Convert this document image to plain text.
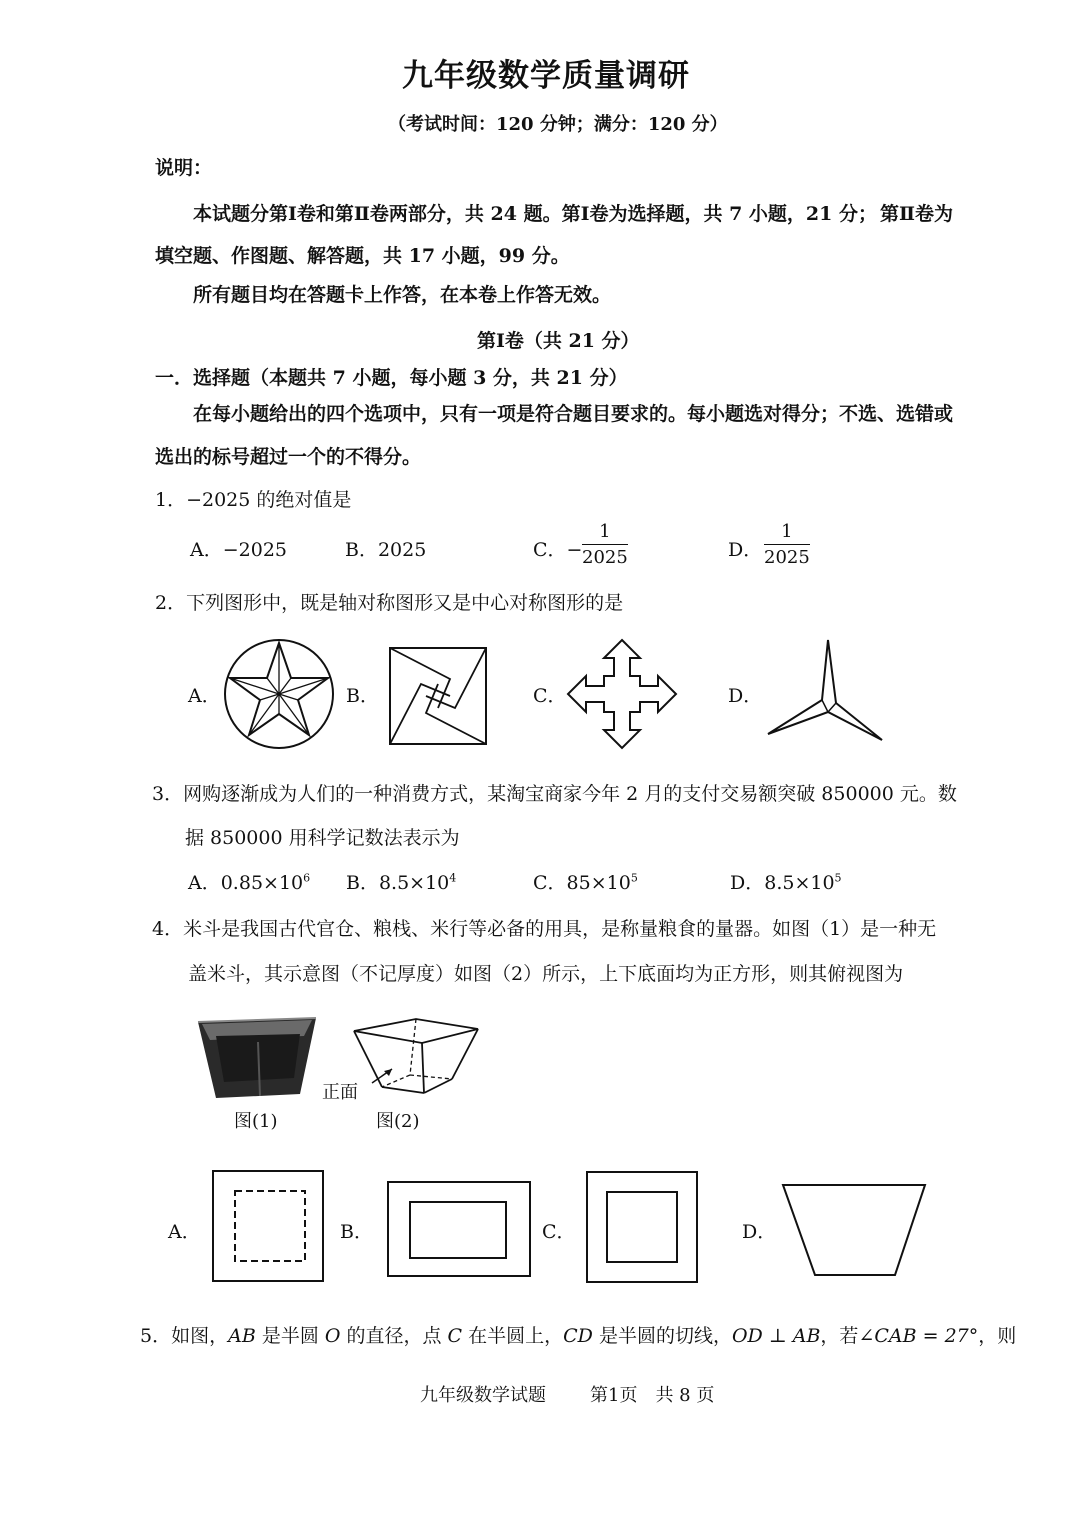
九年级数学质量调研
（考试时间：120 分钟；满分：120 分）
说明：
本试题分第Ⅰ卷和第Ⅱ卷两部分，共 24 题。第Ⅰ卷为选择题，共 7 小题，21 分； 第Ⅱ卷为
填空题、作图题、解答题，共 17 小题，99 分。
所有题目均在答题卡上作答，在本卷上作答无效。
第Ⅰ卷（共 21 分）
一．选择题（本题共 7 小题，每小题 3 分，共 21 分）
在每小题给出的四个选项中，只有一项是符合题目要求的。每小题选对得分；不选、选错或
选出的标号超过一个的不得分。
1．−2025 的绝对值是
A．−2025	B．2025	C．− $\frac{1}{2025}$	D． $\frac{1}{2025}$
2．下列图形中，既是轴对称图形又是中心对称图形的是
A．	B．	C．	D．
3．网购逐渐成为人们的一种消费方式，某淘宝商家今年 2 月的支付交易额突破 850000 元。数
据 850000 用科学记数法表示为
A．$0.85\times 10^6$ B．$8.5\times 10^4$	C．$85\times 10^5$	D．$8.5\times 10^5$
4．米斗是我国古代官仓、粮栈、米行等必备的用具，是称量粮食的量器。如图（1）是一种无
盖米斗，其示意图（不记厚度）如图（2）所示，上下底面均为正方形，则其俯视图为
正面
图(1)	图(2)
A．	B．	C．	D．
5．如图，AB 是半圆 O 的直径，点 C 在半圆上，CD 是半圆的切线，OD ⊥ AB，若∠CAB = 27°，则
九年级数学试题 第1页　共 8 页
